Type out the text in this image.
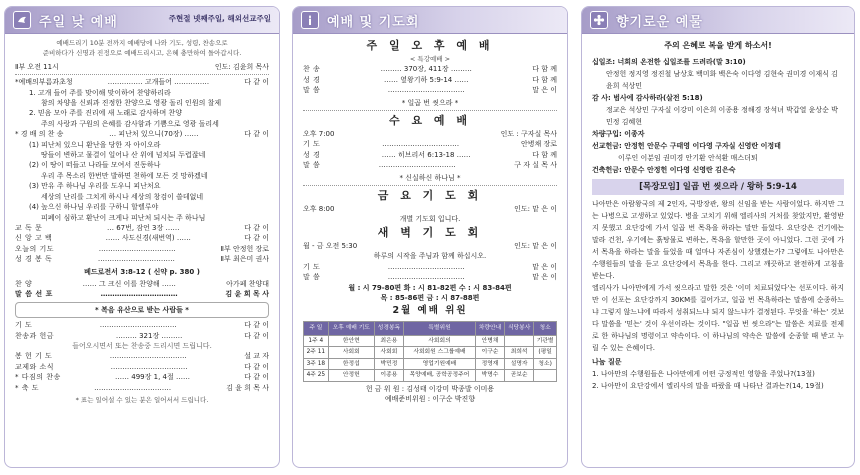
주일 낮 예배	주현절 넷째주일, 해외선교주일
예배드리기 10분 전까지 예배당에 나와 기도, 성령, 찬송으로
준비하다가 신명과 진정으로 예배드리시고, 은혜 충만하여 돌아갑시다.
Ⅱ부 오전 11시	인도: 김윤희 목사
*예배의부름과초청	…………… 고개들어 ……………	다 같 이
1. 고개 들어 주를 맞이해 맞이하여 찬양하리라
참의 차양을 신뢰과 진정한 찬양으로 영광 돌리 인원의 찰제
2. 믿음 모아 주를 진리에 새 노래로 감사하며 찬양
주의 사랑과 구원의 은혜를 감사함과 기쁨으로 영광 돌리세
* 경 배 의 찬 송	… 피난처 있으니(70장) ……	다 같 이
(1) 피난처 있으니 환난을 당한 자 아이오라
땅들이 변하고 물결이 일어나 산 위에 넘치되 두렵잖네
(2) 이 땅이 떠들고 나라들 모여서 진동하나
우리 주 목소리 한번만 발하면 천하에 모든 것 망하겠네
(3) 만유 주 하나님 우리를 도우니 피난처요
세상의 난리를 그치게 하시나 세상의 창검이 쓸데없네
(4) 높으신 하나님 우리를 구하니 할렐루야
피폐이 심하고 환난이 크게나 피난처 되시는 주 하나님
교 독 문	… 67번, 잠언 3장 ……	다 같 이
신 앙 고 백	…… 사도신경(새번역) ……	다 같 이
오늘의 기도	……………………………	Ⅱ부 안정헌 장로
성 경 봉 독	……………………………	Ⅱ부 최은미 권사
베드로전서 3:8-12 ( 신약 p. 380 )
찬 양	…… 그 크신 이를 찬양해 ……	아가페 찬양대
말 씀 선 포	……………………………	김 윤 희 목 사
* 복음 유산으로 받는 사람들 *
기 도	……………………………	다 같 이
찬송과 헌금	……… 321장 ………	다 같 이
들어오시면서 또는 찬송중 드리시면 드립니다.
봉 헌 기 도	……………………………	설 교 자
교제와 소식	……………………………	다 같 이
* 다짐의 찬송	…… 499장 1, 4절 ……	다 같 이
* 축 도	……………………………	김 윤 희 목 사
* 표는 일어설 수 있는 분은 일어서서 드립니다.
예배 및 기도회
주 일 오 후 예 배
< 특강예배 >
찬 송	……… 370장, 411장 ………	다 함 께
성 경	…… 옆왕기하 5:9-14 ……	다 함 께
말 씀	……………………………	말 은 이
* 일곱 번 씻으라 *
수 요 예 배
오후 7:00	인도 : 구자실 목사
기 도	……………………………	안병채 장로
성 경	…… 히브리서 6:13-18 ……	다 함 께
말 씀	……………………………	구 자 실 목 사
* 신실하신 하나님 *
금 요 기 도 회
오후 8:00	인도: 맡 은 이
개별 기도회 입니다.
새 벽 기 도 회
월 - 금 오전 5:30	인도: 맡 은 이
하루의 시작을 주님과 함께 하십시오.
기 도	……………………………	맡 은 이
말 씀	……………………………	맡 은 이
월 : 시 79-80편 화 : 시 81-82편 수 : 시 83-84편
목 : 85-86편 금 : 시 87-88편
2월 예배 위원
주 일	오후 예배 기도	성경봉독	특별위원	차량안내	식당봉사	청소
1주 4	한안현	최은용	사회회의	안병채		기관별
2주 11	사회회	사회회	사회회원 스그룹예배	이구순	최희석	(평일
3주 18	한정섭	박민정	영업기원예배	정영재	설명자	청소)
4주 25	안정헌	이종용	목양예배, 공학공정주어	박명수	곧보순	
헌 금 위 원 : 김성태 이강미 박종발 이미용
예배준비위원 : 이구순 박진향
향기로운 예물
주의 은혜로 복을 받게 하소서!
십일조: 너희의 온전한 십일조를 드려라(말 3:10)
안정헌 정지영 정진철 남상호 백미화 백은숙 이다영 김현숙 권미경 이재식 김윤희 석상민
감 사: 범사에 감사하라(살전 5:18)
정교은 석상민 구자실 이강미 이은희 이종용 정해경 장석녀 박갑열 윤상순 박민정 김혜현
차량구입: 이종자
선교헌금: 안정헌 안문수 구태영 이다영 구자실 신영란 이정태
이루인 이분임 권미경 안기환 안석환 매스더퇴
건축헌금: 안문수 안정헌 이다영 신영란 김은숙
[목장모임] 일곱 번 씻으라 / 왕하 5:9-14
나아만은 아람왕국의 제 2인자, 국방장관, 왕의 신임을 받는 사람이었다. 하지만 그는 나병으로 고생하고 있었다. 병을 고치기 위해 엘리사의 거처를 찾았지만, 환영받지 못했고 요단강에 가서 일곱 번 목욕을 하라는 말만 들었다. 요단강은 건기에는 말라 건천, 우기에는 흙탕물로 변하는, 목욕을 할만한 곳이 아니었다. 그런 곳에 가서 목욕을 하라는 말을 들었을 때 얼마나 자존심이 상했겠는가? 그렇에도 나아만은 수행원들의 말을 듣고 요단강에서 목욕을 한다. 그리고 깨끗하고 완전하게 고침을 받는다.
엘리사가 나아만에게 가서 씻으라고 말한 것은 '이미 치료되었다'는 선포이다. 하지만 이 선포는 요단강까지 30KM를 걸어가고, 일곱 번 목욕하라는 말씀에 순종하느냐 그렇지 않느냐에 따라서 성취되느냐 되지 않느냐가 결정된다. 무엇을 '하는' 것보다 말씀을 '믿는' 것이 우선이라는 것이다. "일곱 번 씻으라"는 말씀은 치료를 전제로 한 하나님의 명령이고 약속이다. 이 하나님의 약속은 말씀에 순종할 때 받고 누릴 수 있는 은혜이다.
나눔 질문
1. 나아만의 수행원들은 나아만에게 어떤 긍정적인 영향을 주었나?(13절)
2. 나아만이 요단강에서 엘리사의 말을 따랐을 때 나타난 결과는?(14, 19절)
